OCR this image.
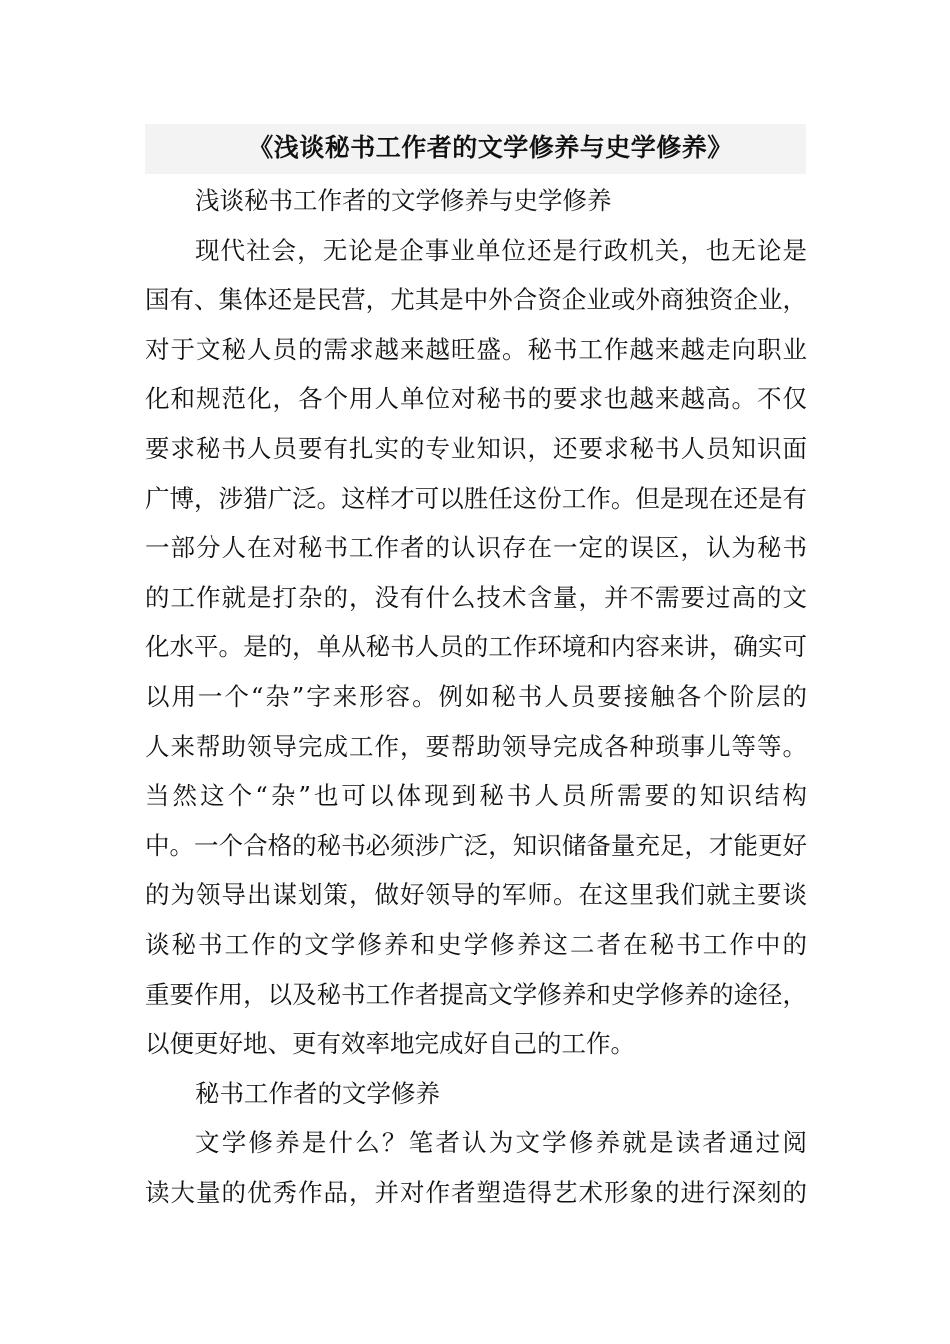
《浅谈秘书工作者的文学修养与史学修养》
浅谈秘书工作者的文学修养与史学修养
现代社会，无论是企事业单位还是行政机关，也无论是
国有、集体还是民营，尤其是中外合资企业或外商独资企业，
对于文秘人员的需求越来越旺盛。秘书工作越来越走向职业
化和规范化，各个用人单位对秘书的要求也越来越高。不仅
要求秘书人员要有扎实的专业知识，还要求秘书人员知识面
广博，涉猎广泛。这样才可以胜任这份工作。但是现在还是有
一部分人在对秘书工作者的认识存在一定的误区，认为秘书
的工作就是打杂的，没有什么技术含量，并不需要过高的文
化水平。是的，单从秘书人员的工作环境和内容来讲，确实可
以用一个“杂”字来形容。例如秘书人员要接触各个阶层的
人来帮助领导完成工作，要帮助领导完成各种琐事儿等等。
当然这个“杂”也可以体现到秘书人员所需要的知识结构
中。一个合格的秘书必须涉广泛，知识储备量充足，才能更好
的为领导出谋划策，做好领导的军师。在这里我们就主要谈
谈秘书工作的文学修养和史学修养这二者在秘书工作中的
重要作用，以及秘书工作者提高文学修养和史学修养的途径，
以便更好地、更有效率地完成好自己的工作。
秘书工作者的文学修养
文学修养是什么？笔者认为文学修养就是读者通过阅
读大量的优秀作品，并对作者塑造得艺术形象的进行深刻的
